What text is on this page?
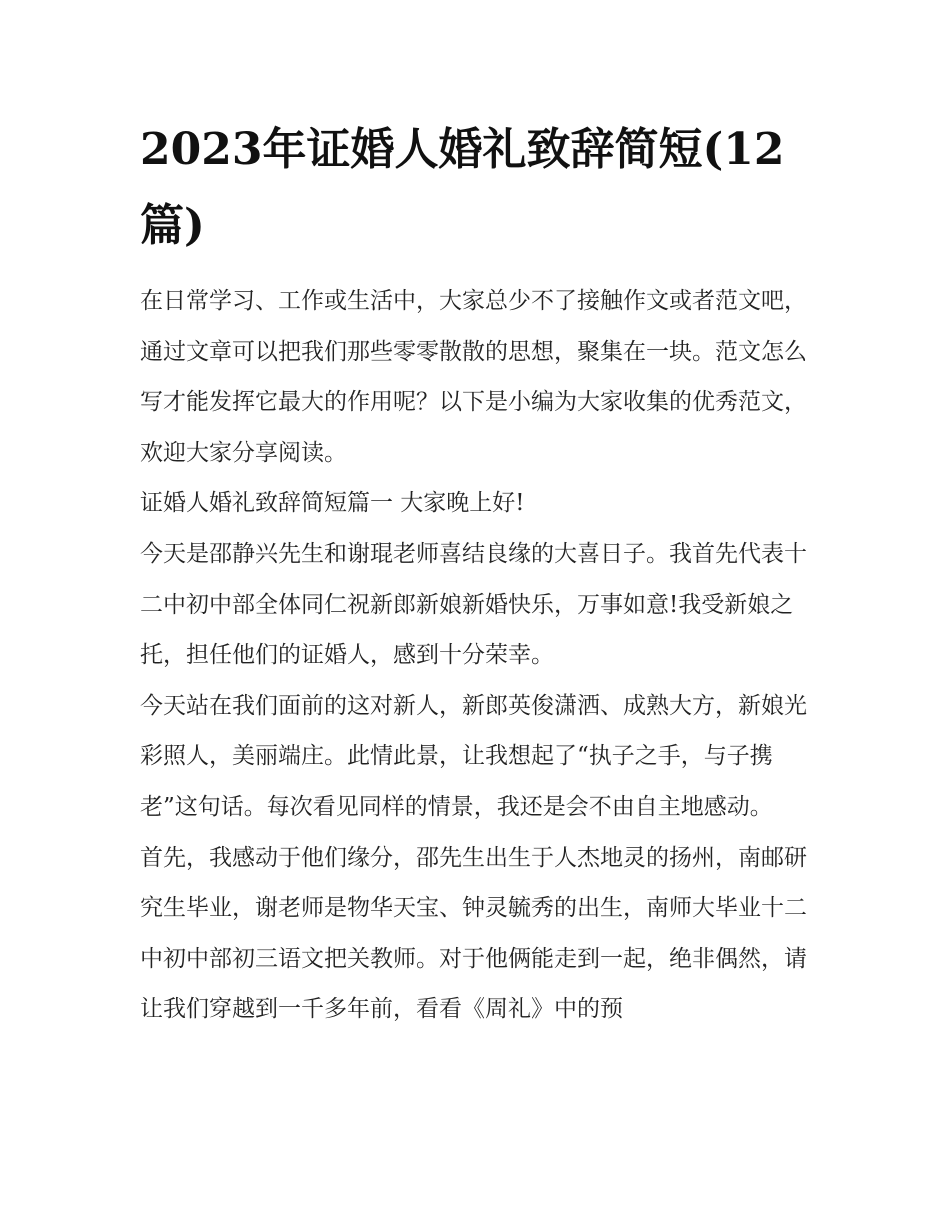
2023年证婚人婚礼致辞简短(12篇)

在日常学习、工作或生活中，大家总少不了接触作文或者范文吧，通过文章可以把我们那些零零散散的思想，聚集在一块。范文怎么写才能发挥它最大的作用呢？以下是小编为大家收集的优秀范文，欢迎大家分享阅读。

证婚人婚礼致辞简短篇一 大家晚上好!

今天是邵静兴先生和谢琨老师喜结良缘的大喜日子。我首先代表十二中初中部全体同仁祝新郎新娘新婚快乐，万事如意!我受新娘之托，担任他们的证婚人，感到十分荣幸。

今天站在我们面前的这对新人，新郎英俊潇洒、成熟大方，新娘光彩照人，美丽端庄。此情此景，让我想起了“执子之手，与子携老”这句话。每次看见同样的情景，我还是会不由自主地感动。

首先，我感动于他们缘分，邵先生出生于人杰地灵的扬州，南邮研究生毕业，谢老师是物华天宝、钟灵毓秀的出生，南师大毕业十二中初中部初三语文把关教师。对于他俩能走到一起，绝非偶然，请让我们穿越到一千多年前，看看《周礼》中的预
